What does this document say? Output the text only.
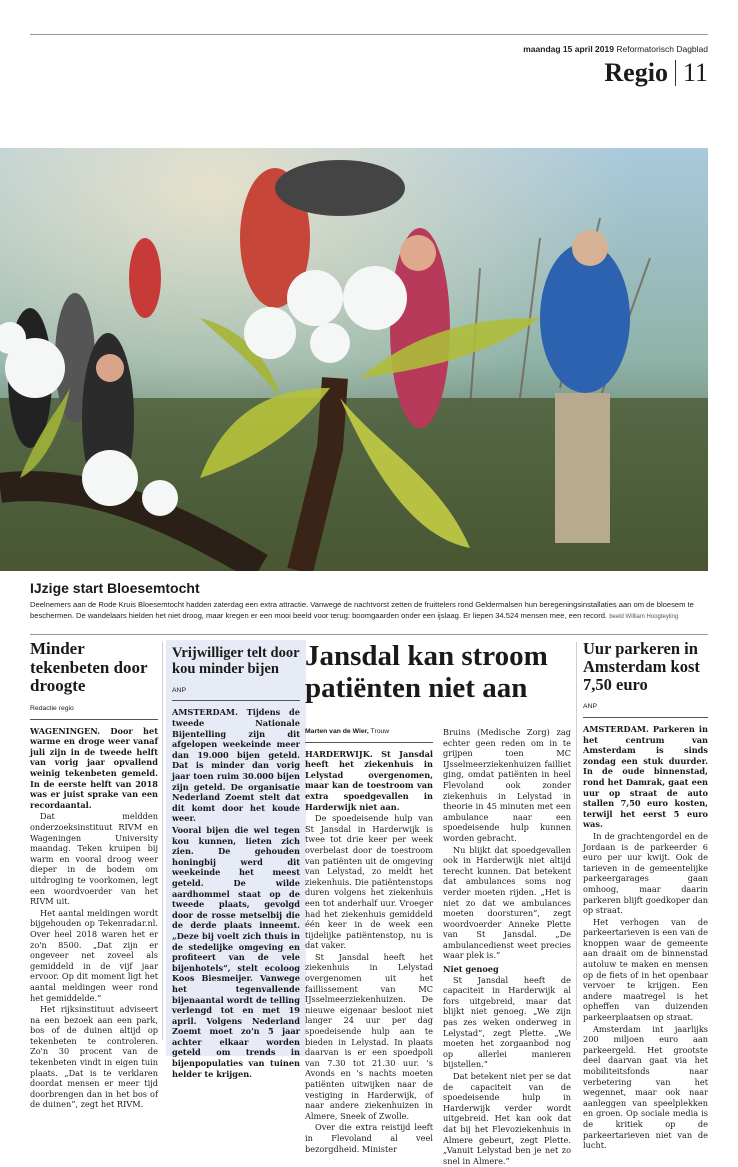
maandag 15 april 2019 Reformatorisch Dagblad
Regio 11
IJzige start Bloesemtocht
Deelnemers aan de Rode Kruis Bloesemtocht hadden zaterdag een extra attractie. Vanwege de nachtvorst zetten de fruittelers rond Geldermalsen hun beregeningsinstallaties aan om de bloesem te beschermen. De wandelaars hielden het niet droog, maar kregen er een mooi beeld voor terug: boomgaarden onder een ijslaag. Er liepen 34.524 mensen mee, een record. beeld William Hoogteyling
Minder tekenbeten door droogte
Redactie regio

WAGENINGEN. Door het warme en droge weer vanaf juli zijn in de tweede helft van vorig jaar opvallend weinig tekenbeten gemeld. In de eerste helft van 2018 was er juist sprake van een recordaantal.

Dat meldden onderzoeksinstituut RIVM en Wageningen University maandag. Teken kruipen bij warm en vooral droog weer dieper in de bodem om uitdroging te voorkomen, legt een woordvoerder van het RIVM uit.

Het aantal meldingen wordt bijgehouden op Tekenradar.nl. Over heel 2018 waren het er zo'n 8500. „Dat zijn er ongeveer net zoveel als gemiddeld in de vijf jaar ervoor. Op dit moment ligt het aantal meldingen weer rond het gemiddelde.”

Het rijksinstituut adviseert na een bezoek aan een park, bos of de duinen altijd op tekenbeten te controleren. Zo'n 30 procent van de tekenbeten vindt in eigen tuin plaats. „Dat is te verklaren doordat mensen er meer tijd doorbrengen dan in het bos of de duinen”, zegt het RIVM.

Vrijwilliger telt door kou minder bijen
ANP

AMSTERDAM. Tijdens de tweede Nationale Bijentelling zijn dit afgelopen weekeinde meer dan 19.000 bijen geteld. Dat is minder dan vorig jaar toen ruim 30.000 bijen zijn geteld. De organisatie Nederland Zoemt stelt dat dit komt door het koude weer.

Vooral bijen die wel tegen kou kunnen, lieten zich zien. De gehouden honingbij werd dit weekeinde het meest geteld. De wilde aardhommel staat op de tweede plaats, gevolgd door de rosse metselbij die de derde plaats inneemt. „Deze bij voelt zich thuis in de stedelijke omgeving en profiteert van de vele bijenhotels”, stelt ecoloog Koos Biesmeijer. Vanwege het tegenvallende bijenaantal wordt de telling verlengd tot en met 19 april. Volgens Nederland Zoemt moet zo'n 5 jaar achter elkaar worden geteld om trends in bijenpopulaties van tuinen helder te krijgen.

Jansdal kan stroom patiënten niet aan
Marten van de Wier, Trouw

HARDERWIJK. St Jansdal heeft het ziekenhuis in Lelystad overgenomen, maar kan de toestroom van extra spoedgevallen in Harderwijk niet aan.

De spoedeisende hulp van St Jansdal in Harderwijk is twee tot drie keer per week overbelast door de toestroom van patiënten uit de omgeving van Lelystad, zo meldt het ziekenhuis. Die patiëntenstops duren volgens het ziekenhuis een tot anderhalf uur. Vroeger had het ziekenhuis gemiddeld één keer in de week een tijdelijke patiëntenstop, nu is dat vaker.

St Jansdal heeft het ziekenhuis in Lelystad overgenomen uit het faillissement van MC IJsselmeerziekenhuizen. De nieuwe eigenaar besloot niet langer 24 uur per dag spoedeisende hulp aan te bieden in Lelystad. In plaats daarvan is er een spoedpoli van 7.30 tot 21.30 uur. 's Avonds en 's nachts moeten patiënten uitwijken naar de vestiging in Harderwijk, of naar andere ziekenhuizen in Almere, Sneek of Zwolle.

Over die extra reistijd leeft in Flevoland al veel bezorgdheid. Minister

Bruins (Medische Zorg) zag echter geen reden om in te grijpen toen MC IJsselmeerziekenhuizen failliet ging, omdat patiënten in heel Flevoland ook zonder ziekenhuis in Lelystad in theorie in 45 minuten met een ambulance naar een spoedeisende hulp kunnen worden gebracht.

Nu blijkt dat spoedgevallen ook in Harderwijk niet altijd terecht kunnen. Dat betekent dat ambulances soms nog verder moeten rijden. „Het is niet zo dat we ambulances moeten doorsturen”, zegt woordvoerder Anneke Plette van St Jansdal. „De ambulancedienst weet precies waar plek is.”

Niet genoeg

St Jansdal heeft de capaciteit in Harderwijk al fors uitgebreid, maar dat blijkt niet genoeg. „We zijn pas zes weken onderweg in Lelystad”, zegt Plette. „We moeten het zorgaanbod nog op allerlei manieren bijstellen.”

Dat betekent niet per se dat de capaciteit van de spoedeisende hulp in Harderwijk verder wordt uitgebreid. Het kan ook dat dat bij het Flevoziekenhuis in Almere gebeurt, zegt Plette. „Vanuit Lelystad ben je net zo snel in Almere.”

Uur parkeren in Amsterdam kost 7,50 euro
ANP

AMSTERDAM. Parkeren in het centrum van Amsterdam is sinds zondag een stuk duurder. In de oude binnenstad, rond het Damrak, gaat een uur op straat de auto stallen 7,50 euro kosten, terwijl het eerst 5 euro was.

In de grachtengordel en de Jordaan is de parkeerder 6 euro per uur kwijt. Ook de tarieven in de gemeentelijke parkeergarages gaan omhoog, maar daarin parkeren blijft goedkoper dan op straat.

Het verhogen van de parkeertarieven is een van de knoppen waar de gemeente aan draait om de binnenstad autoluw te maken en mensen op de fiets of in het openbaar vervoer te krijgen. Een andere maatregel is het opheffen van duizenden parkeerplaatsen op straat.

Amsterdam int jaarlijks 200 miljoen euro aan parkeergeld. Het grootste deel daarvan gaat via het mobiliteitsfonds naar verbetering van het wegennet, maar ook naar aanleggen van speelplekken en groen. Op sociale media is de kritiek op de parkeertarieven niet van de lucht.
